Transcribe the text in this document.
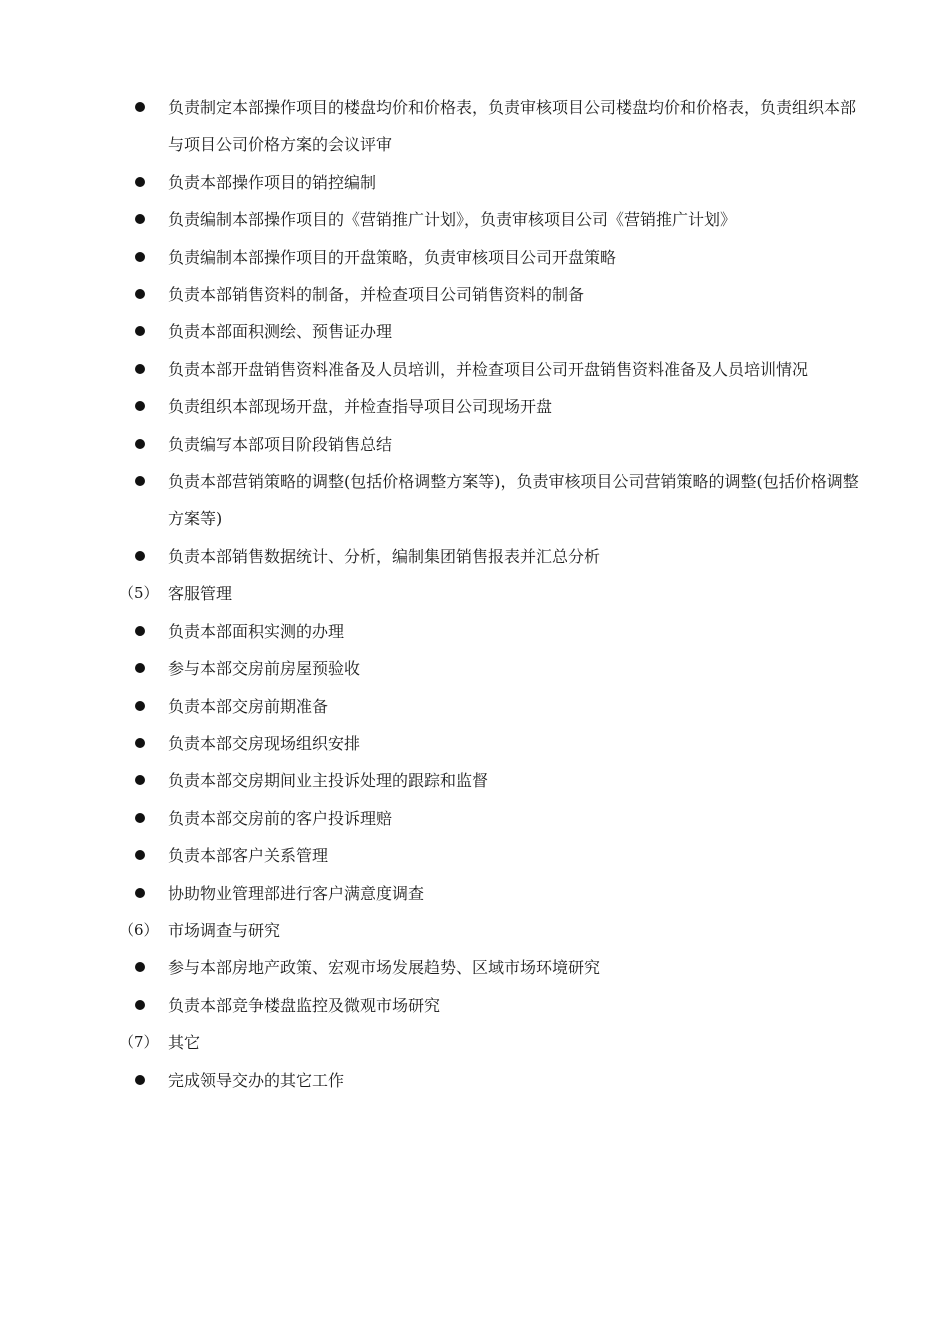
负责制定本部操作项目的楼盘均价和价格表，负责审核项目公司楼盘均价和价格表，负责组织本部与项目公司价格方案的会议评审
负责本部操作项目的销控编制
负责编制本部操作项目的《营销推广计划》，负责审核项目公司《营销推广计划》
负责编制本部操作项目的开盘策略，负责审核项目公司开盘策略
负责本部销售资料的制备，并检查项目公司销售资料的制备
负责本部面积测绘、预售证办理
负责本部开盘销售资料准备及人员培训，并检查项目公司开盘销售资料准备及人员培训情况
负责组织本部现场开盘，并检查指导项目公司现场开盘
负责编写本部项目阶段销售总结
负责本部营销策略的调整(包括价格调整方案等)，负责审核项目公司营销策略的调整(包括价格调整方案等)
负责本部销售数据统计、分析，编制集团销售报表并汇总分析
（5） 客服管理
负责本部面积实测的办理
参与本部交房前房屋预验收
负责本部交房前期准备
负责本部交房现场组织安排
负责本部交房期间业主投诉处理的跟踪和监督
负责本部交房前的客户投诉理赔
负责本部客户关系管理
协助物业管理部进行客户满意度调查
（6） 市场调查与研究
参与本部房地产政策、宏观市场发展趋势、区域市场环境研究
负责本部竞争楼盘监控及微观市场研究
（7） 其它
完成领导交办的其它工作
